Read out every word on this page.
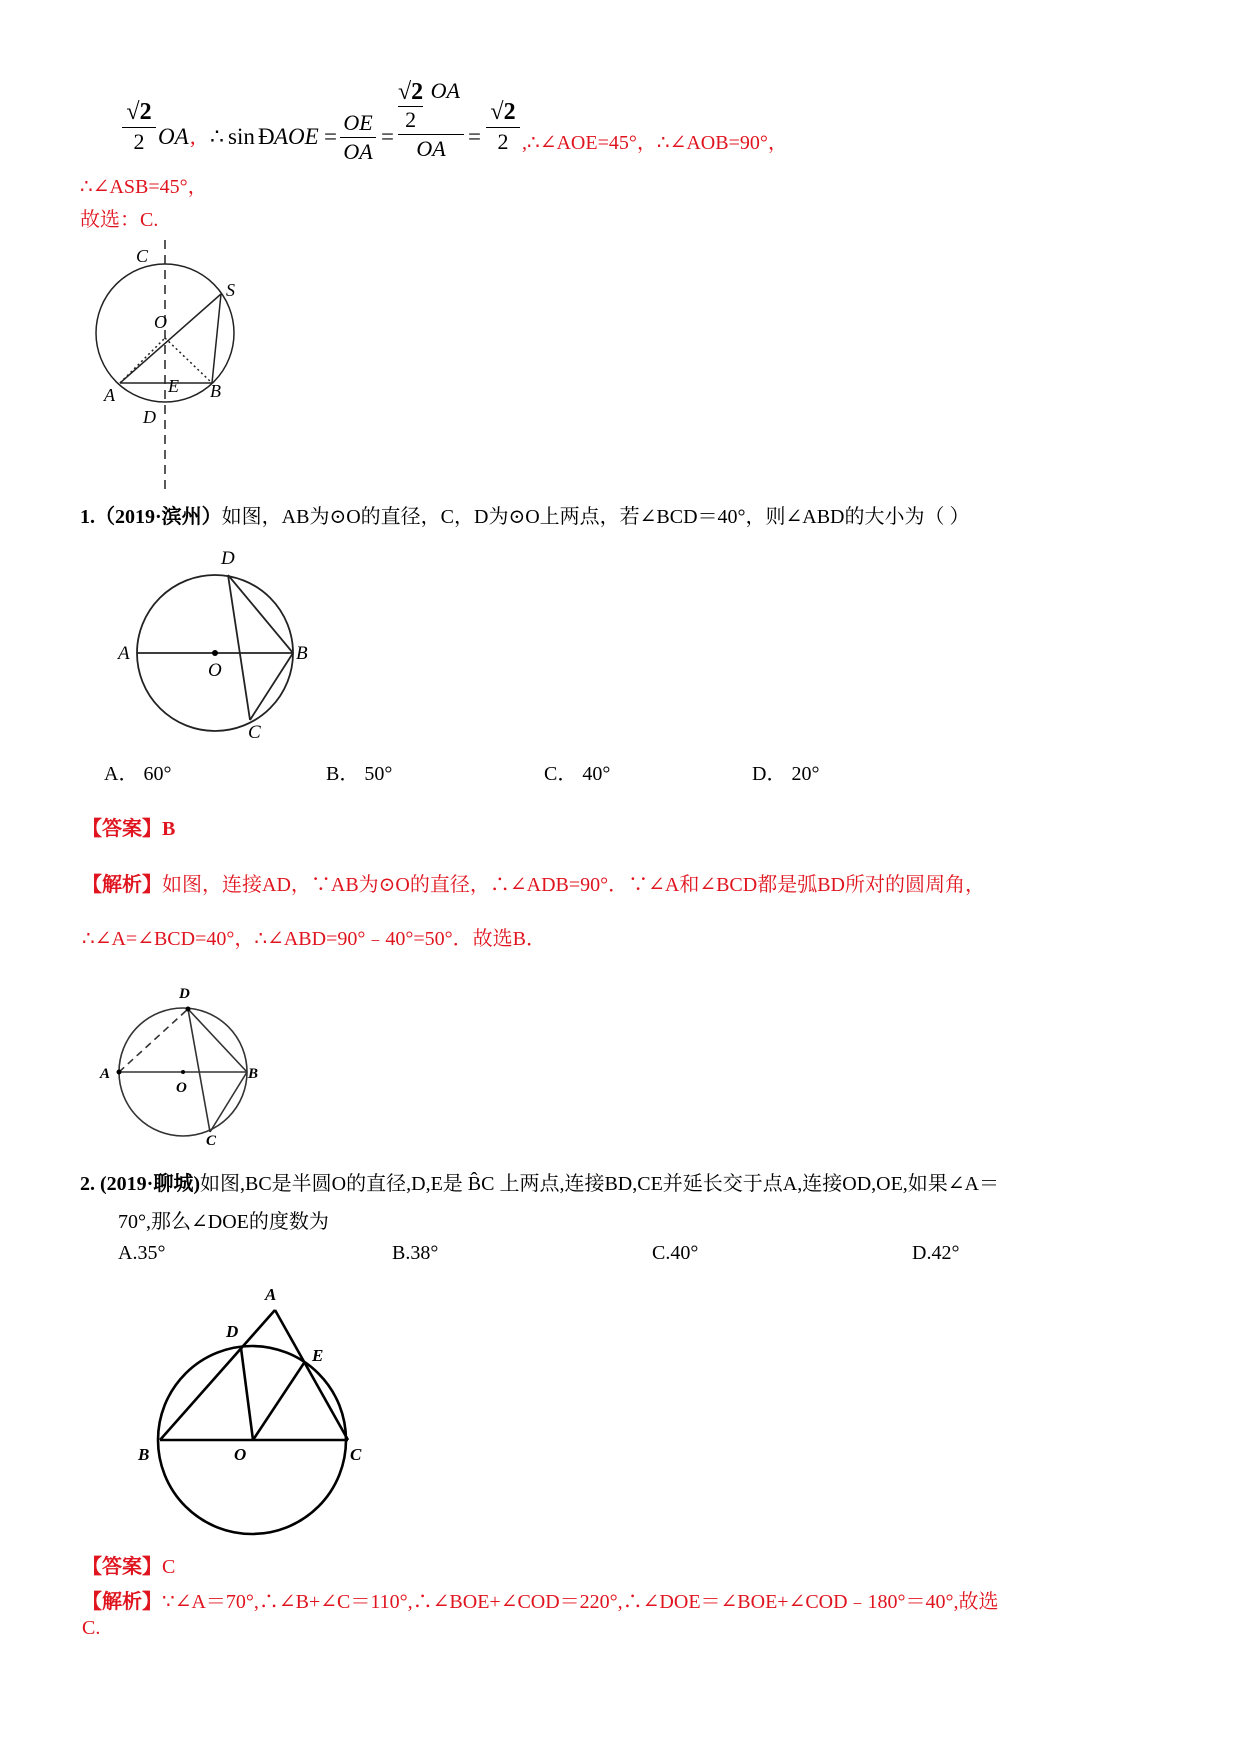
√2
2 OA , ∴ sin Ð AOE =
OE
OA
=
$\frac{√2}{2}$ OA
OA =
√2
2 ,∴∠AOE=45°，∴∠AOB=90°，
∴∠ASB=45°，
故选：C.
C
S
O
A	E B
D
1.（2019·滨州）如图，AB为⊙O的直径，C，D为⊙O上两点，若∠BCD＝40°，则∠ABD的大小为（ ）
D
A	B
O
C
A． 60°	B． 50°	C． 40°	D． 20°
【答案】B
【解析】如图，连接AD，∵AB为⊙O的直径，∴∠ADB=90°．∵∠A和∠BCD都是弧BD所对的圆周角，
∴∠A=∠BCD=40°，∴∠ABD=90°﹣40°=50°．故选B．
D
A	B
O
C
2. (2019·聊城)如图,BC是半圆O的直径,D,E是 B̂C 上两点,连接BD,CE并延长交于点A,连接OD,OE,如果∠A＝
70°,那么∠DOE的度数为
A.35°	B.38°	C.40°	D.42°
A
D
E
B	O	C
【答案】C
【解析】∵∠A＝70°,∴∠B+∠C＝110°,∴∠BOE+∠COD＝220°,∴∠DOE＝∠BOE+∠COD﹣180°＝40°,故选
C.
